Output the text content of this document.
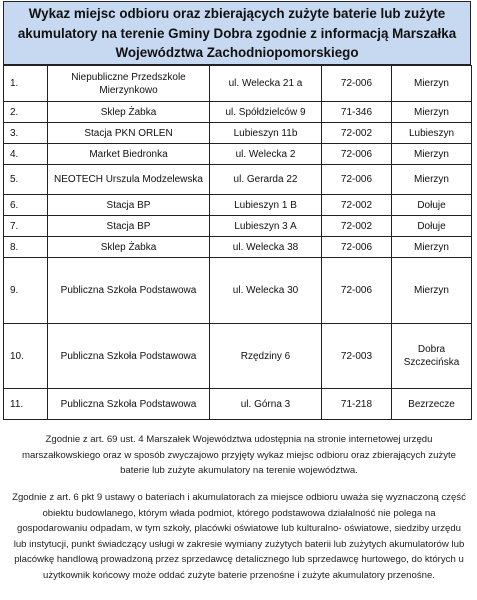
Wykaz miejsc odbioru oraz zbierających zużyte baterie lub zużyte
akumulatory na terenie Gminy Dobra zgodnie z informacją Marszałka
Województwa Zachodniopomorskiego
1.	Niepubliczne Przedszkole Mierzynkowo	ul. Welecka 21 a	72-006	Mierzyn
2.	Sklep Żabka	ul. Spółdzielców 9	71-346	Mierzyn
3.	Stacja PKN ORLEN	Lubieszyn 11b	72-002	Lubieszyn
4.	Market Biedronka	ul. Welecka 2	72-006	Mierzyn
5.	NEOTECH Urszula Modzelewska	ul. Gerarda 22	72-006	Mierzyn
6.	Stacja BP	Lubieszyn 1 B	72-002	Dołuje
7.	Stacja BP	Lubieszyn 3 A	72-002	Dołuje
8.	Sklep Żabka	ul. Welecka 38	72-006	Mierzyn
9.	Publiczna Szkoła Podstawowa	ul. Welecka 30	72-006	Mierzyn
10.	Publiczna Szkoła Podstawowa	Rzędziny 6	72-003	Dobra Szczecińska
11.	Publiczna Szkoła Podstawowa	ul. Górna 3	71-218	Bezrzecze
Zgodnie z art. 69 ust. 4 Marszałek Województwa udostępnia na stronie internetowej urzędu marszałkowskiego oraz w sposób zwyczajowo przyjęty wykaz miejsc odbioru oraz zbierających zużyte baterie lub zużyte akumulatory na terenie województwa.
Zgodnie z art. 6 pkt 9 ustawy o bateriach i akumulatorach za miejsce odbioru uważa się wyznaczoną część obiektu budowlanego, którym włada podmiot, którego podstawowa działalność nie polega na gospodarowaniu odpadam, w tym szkoły, placówki oświatowe lub kulturalno- oświatowe, siedziby urzędu lub instytucji, punkt świadczący usługi w zakresie wymiany zużytych baterii lub zużytych akumulatorów lub placówkę handlową prowadzoną przez sprzedawcę detalicznego lub sprzedawcę hurtowego, do których u użytkownik końcowy może oddać zużyte baterie przenośne i zużyte akumulatory przenośne.
